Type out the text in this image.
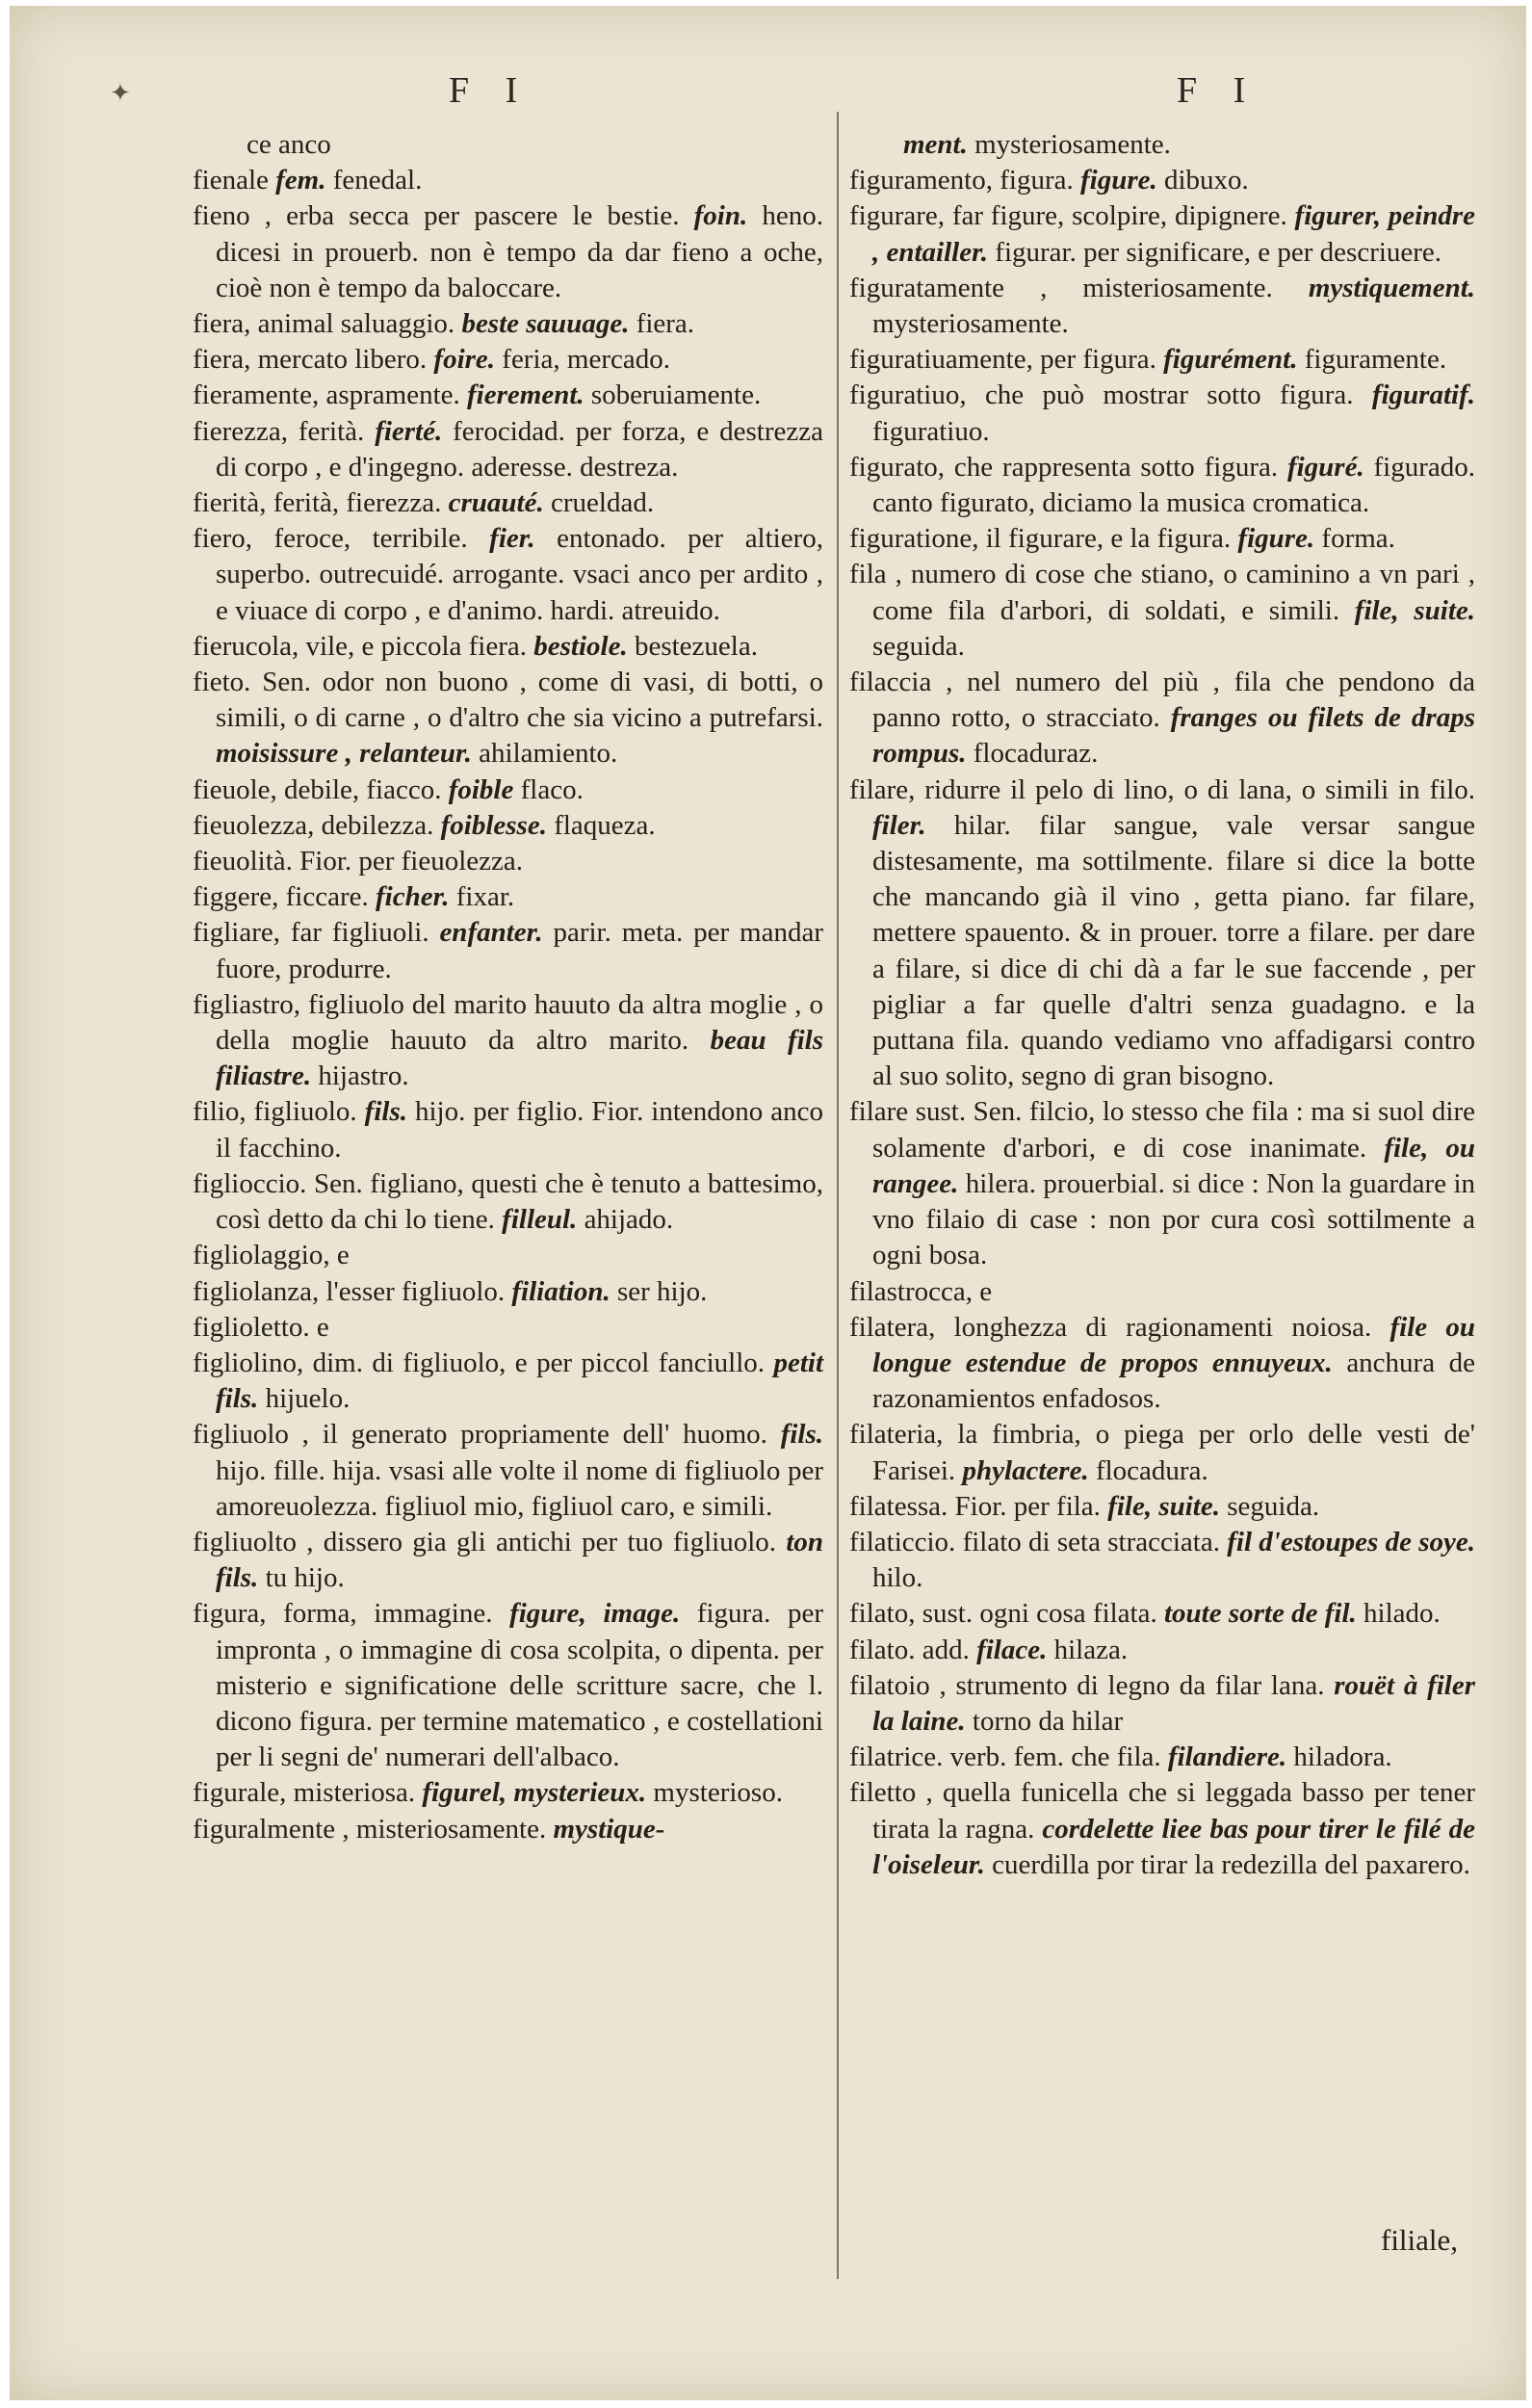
F I	F I
✦

ce anco

fienale fem. fenedal.

fieno , erba secca per pascere le bestie. foin. heno. dicesi in prouerb. non è tempo da dar fieno a oche, cioè non è tempo da baloccare.

fiera, animal saluaggio. beste sauuage. fiera.

fiera, mercato libero. foire. feria, mercado.

fieramente, aspramente. fierement. soberuiamente.

fierezza, ferità. fierté. ferocidad. per forza, e destrezza di corpo , e d'ingegno. aderesse. destreza.

fierità, ferità, fierezza. cruauté. crueldad.

fiero, feroce, terribile. fier. entonado. per altiero, superbo. outrecuidé. arrogante. vsaci anco per ardito , e viuace di corpo , e d'animo. hardi. atreuido.

fierucola, vile, e piccola fiera. bestiole. bestezuela.

fieto. Sen. odor non buono , come di vasi, di botti, o simili, o di carne , o d'altro che sia vicino a putrefarsi. moisissure , relanteur. ahilamiento.

fieuole, debile, fiacco. foible flaco.

fieuolezza, debilezza. foiblesse. flaqueza.

fieuolità. Fior. per fieuolezza.

figgere, ficcare. ficher. fixar.

figliare, far figliuoli. enfanter. parir. meta. per mandar fuore, produrre.

figliastro, figliuolo del marito hauuto da altra moglie , o della moglie hauuto da altro marito. beau fils filiastre. hijastro.

filio, figliuolo. fils. hijo. per figlio. Fior. intendono anco il facchino.

figlioccio. Sen. figliano, questi che è tenuto a battesimo, così detto da chi lo tiene. filleul. ahijado.

figliolaggio, e

figliolanza, l'esser figliuolo. filiation. ser hijo.

figlioletto. e

figliolino, dim. di figliuolo, e per piccol fanciullo. petit fils. hijuelo.

figliuolo , il generato propriamente dell' huomo. fils. hijo. fille. hija. vsasi alle volte il nome di figliuolo per amoreuolezza. figliuol mio, figliuol caro, e simili.

figliuolto , dissero gia gli antichi per tuo figliuolo. ton fils. tu hijo.

figura, forma, immagine. figure, image. figura. per impronta , o immagine di cosa scolpita, o dipenta. per misterio e significatione delle scritture sacre, che l. dicono figura. per termine matematico , e costellationi per li segni de' numerari dell'albaco.

figurale, misteriosa. figurel, mysterieux. mysterioso.

figuralmente , misteriosamente. mystique-

ment. mysteriosamente.

figuramento, figura. figure. dibuxo.

figurare, far figure, scolpire, dipignere. figurer, peindre , entailler. figurar. per significare, e per descriuere.

figuratamente , misteriosamente. mystiquement. mysteriosamente.

figuratiuamente, per figura. figurément. figuramente.

figuratiuo, che può mostrar sotto figura. figuratif. figuratiuo.

figurato, che rappresenta sotto figura. figuré. figurado. canto figurato, diciamo la musica cromatica.

figuratione, il figurare, e la figura. figure. forma.

fila , numero di cose che stiano, o caminino a vn pari , come fila d'arbori, di soldati, e simili. file, suite. seguida.

filaccia , nel numero del più , fila che pendono da panno rotto, o stracciato. franges ou filets de draps rompus. flocaduraz.

filare, ridurre il pelo di lino, o di lana, o simili in filo. filer. hilar. filar sangue, vale versar sangue distesamente, ma sottilmente. filare si dice la botte che mancando già il vino , getta piano. far filare, mettere spauento. & in prouer. torre a filare. per dare a filare, si dice di chi dà a far le sue faccende , per pigliar a far quelle d'altri senza guadagno. e la puttana fila. quando vediamo vno affadigarsi contro al suo solito, segno di gran bisogno.

filare sust. Sen. filcio, lo stesso che fila : ma si suol dire solamente d'arbori, e di cose inanimate. file, ou rangee. hilera. prouerbial. si dice : Non la guardare in vno filaio di case : non por cura così sottilmente a ogni bosa.

filastrocca, e

filatera, longhezza di ragionamenti noiosa. file ou longue estendue de propos ennuyeux. anchura de razonamientos enfadosos.

filateria, la fimbria, o piega per orlo delle vesti de' Farisei. phylactere. flocadura.

filatessa. Fior. per fila. file, suite. seguida.

filaticcio. filato di seta stracciata. fil d'estoupes de soye. hilo.

filato, sust. ogni cosa filata. toute sorte de fil. hilado.

filato. add. filace. hilaza.

filatoio , strumento di legno da filar lana. rouët à filer la laine. torno da hilar

filatrice. verb. fem. che fila. filandiere. hiladora.

filetto , quella funicella che si leggada basso per tener tirata la ragna. cordelette liee bas pour tirer le filé de l'oiseleur. cuerdilla por tirar la redezilla del paxarero.

filiale,
